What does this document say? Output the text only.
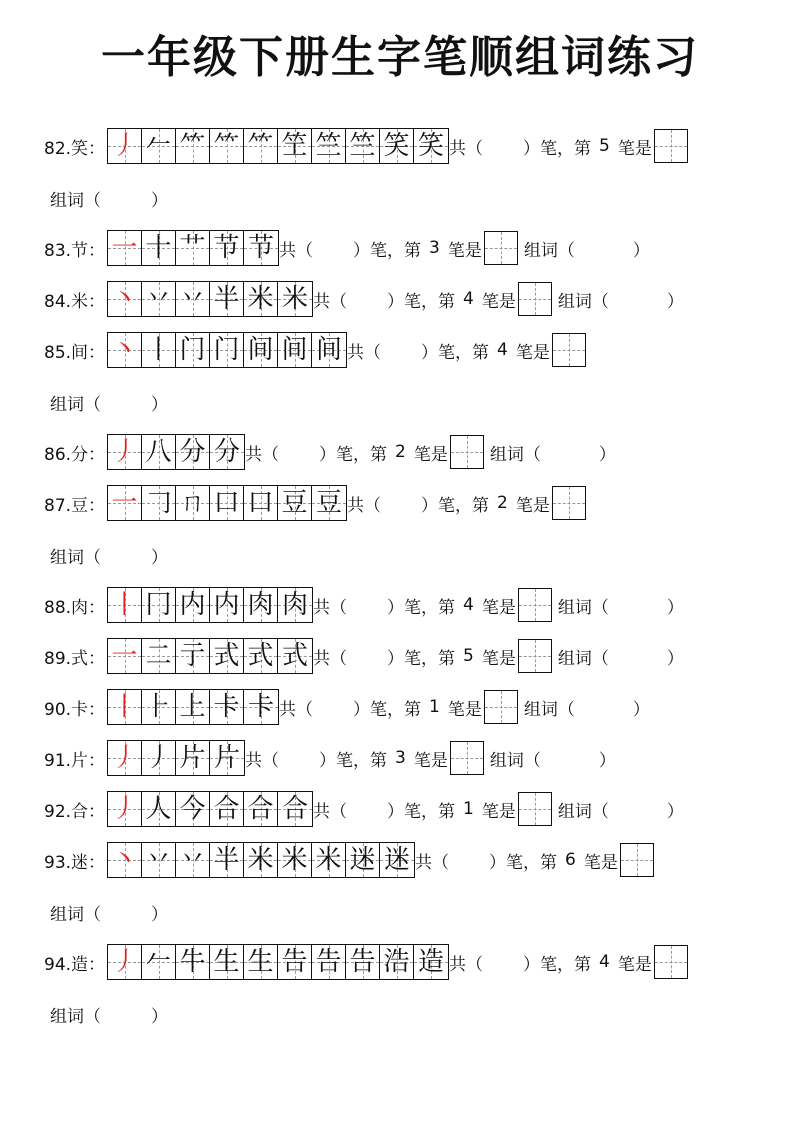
一年级下册生字笔顺组词练习
82.笑： 丿 𠂉 ⺮ ⺮ ⺮ 笁 竺 竺 笑 笑 共（ ）笔，第 5 笔是
组词（	）
83.节： 一 十 艹 节 节 共（ ）笔，第 3 笔是 组词（	）
84.米： 丶 丷 丷 半 米 米 共（ ）笔，第 4 笔是 组词（	）
85.间： 丶 丨 门 门 间 间 间 共（ ）笔，第 4 笔是
组词（	）
86.分： 丿 八 分 分 共（ ）笔，第 2 笔是 组词（	）
87.豆： 一 𠃌 ㄇ 口 口 豆 豆 共（ ）笔，第 2 笔是
组词（	）
88.肉： 丨 冂 内 内 肉 肉 共（ ）笔，第 4 笔是 组词（	）
89.式： 一 二 亍 式 式 式 共（ ）笔，第 5 笔是 组词（	）
90.卡： 丨 ⺊ 上 卡 卡 共（ ）笔，第 1 笔是 组词（	）
91.片： 丿 丿 片 片 共（ ）笔，第 3 笔是 组词（	）
92.合： 丿 人 今 合 合 合 共（ ）笔，第 1 笔是 组词（	）
93.迷： 丶 丷 丷 半 米 米 米 迷 迷 共（ ）笔，第 6 笔是
组词（	）
94.造： 丿 𠂉 牛 生 生 告 告 告 浩 造 共（ ）笔，第 4 笔是
组词（	）
